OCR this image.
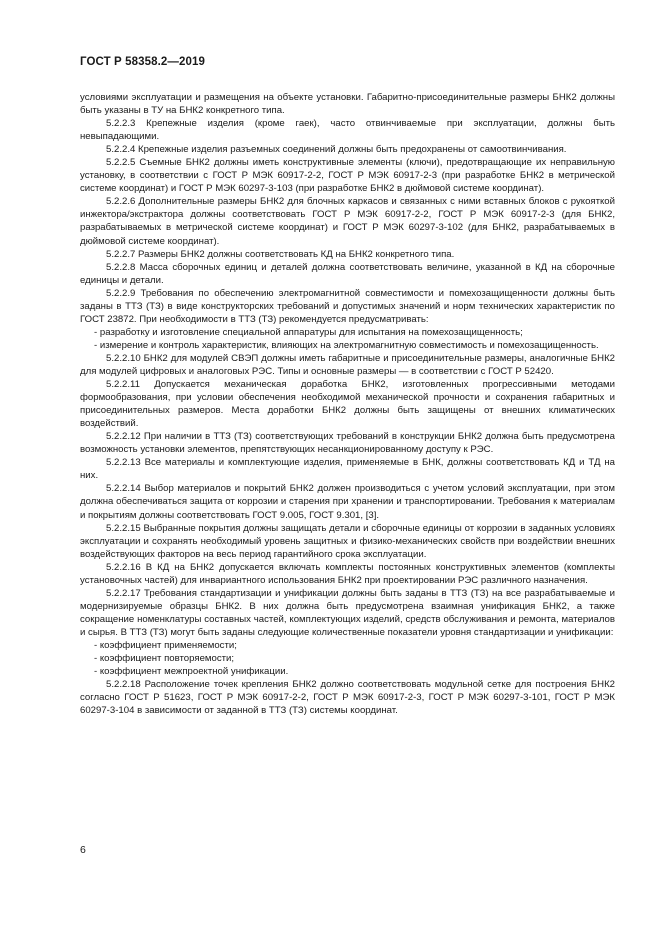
ГОСТ Р 58358.2—2019

условиями эксплуатации и размещения на объекте установки. Габаритно-присоединительные размеры БНК2 должны быть указаны в ТУ на БНК2 конкретного типа.

5.2.2.3 Крепежные изделия (кроме гаек), часто отвинчиваемые при эксплуатации, должны быть невыпадающими.

5.2.2.4 Крепежные изделия разъемных соединений должны быть предохранены от самоотвинчивания.

5.2.2.5 Съемные БНК2 должны иметь конструктивные элементы (ключи), предотвращающие их неправильную установку, в соответствии с ГОСТ Р МЭК 60917-2-2, ГОСТ Р МЭК 60917-2-3 (при разработке БНК2 в метрической системе координат) и ГОСТ Р МЭК 60297-3-103 (при разработке БНК2 в дюймовой системе координат).

5.2.2.6 Дополнительные размеры БНК2 для блочных каркасов и связанных с ними вставных блоков с рукояткой инжектора/экстрактора должны соответствовать ГОСТ Р МЭК 60917-2-2, ГОСТ Р МЭК 60917-2-3 (для БНК2, разрабатываемых в метрической системе координат) и ГОСТ Р МЭК 60297-3-102 (для БНК2, разрабатываемых в дюймовой системе координат).

5.2.2.7 Размеры БНК2 должны соответствовать КД на БНК2 конкретного типа.

5.2.2.8 Масса сборочных единиц и деталей должна соответствовать величине, указанной в КД на сборочные единицы и детали.

5.2.2.9 Требования по обеспечению электромагнитной совместимости и помехозащищенности должны быть заданы в ТТЗ (ТЗ) в виде конструкторских требований и допустимых значений и норм технических характеристик по ГОСТ 23872. При необходимости в ТТЗ (ТЗ) рекомендуется предусматривать:

- разработку и изготовление специальной аппаратуры для испытания на помехозащищенность;
- измерение и контроль характеристик, влияющих на электромагнитную совместимость и помехозащищенность.

5.2.2.10 БНК2 для модулей СВЭП должны иметь габаритные и присоединительные размеры, аналогичные БНК2 для модулей цифровых и аналоговых РЭС. Типы и основные размеры — в соответствии с ГОСТ Р 52420.

5.2.2.11 Допускается механическая доработка БНК2, изготовленных прогрессивными методами формообразования, при условии обеспечения необходимой механической прочности и сохранения габаритных и присоединительных размеров. Места доработки БНК2 должны быть защищены от внешних климатических воздействий.

5.2.2.12 При наличии в ТТЗ (ТЗ) соответствующих требований в конструкции БНК2 должна быть предусмотрена возможность установки элементов, препятствующих несанкционированному доступу к РЭС.

5.2.2.13 Все материалы и комплектующие изделия, применяемые в БНК, должны соответствовать КД и ТД на них.

5.2.2.14 Выбор материалов и покрытий БНК2 должен производиться с учетом условий эксплуатации, при этом должна обеспечиваться защита от коррозии и старения при хранении и транспортировании. Требования к материалам и покрытиям должны соответствовать ГОСТ 9.005, ГОСТ 9.301, [3].

5.2.2.15 Выбранные покрытия должны защищать детали и сборочные единицы от коррозии в заданных условиях эксплуатации и сохранять необходимый уровень защитных и физико-механических свойств при воздействии внешних воздействующих факторов на весь период гарантийного срока эксплуатации.

5.2.2.16 В КД на БНК2 допускается включать комплекты постоянных конструктивных элементов (комплекты установочных частей) для инвариантного использования БНК2 при проектировании РЭС различного назначения.

5.2.2.17 Требования стандартизации и унификации должны быть заданы в ТТЗ (ТЗ) на все разрабатываемые и модернизируемые образцы БНК2. В них должна быть предусмотрена взаимная унификация БНК2, а также сокращение номенклатуры составных частей, комплектующих изделий, средств обслуживания и ремонта, материалов и сырья. В ТТЗ (ТЗ) могут быть заданы следующие количественные показатели уровня стандартизации и унификации:

- коэффициент применяемости;
- коэффициент повторяемости;
- коэффициент межпроектной унификации.

5.2.2.18 Расположение точек крепления БНК2 должно соответствовать модульной сетке для построения БНК2 согласно ГОСТ Р 51623, ГОСТ Р МЭК 60917-2-2, ГОСТ Р МЭК 60917-2-3, ГОСТ Р МЭК 60297-3-101, ГОСТ Р МЭК 60297-3-104 в зависимости от заданной в ТТЗ (ТЗ) системы координат.

6
